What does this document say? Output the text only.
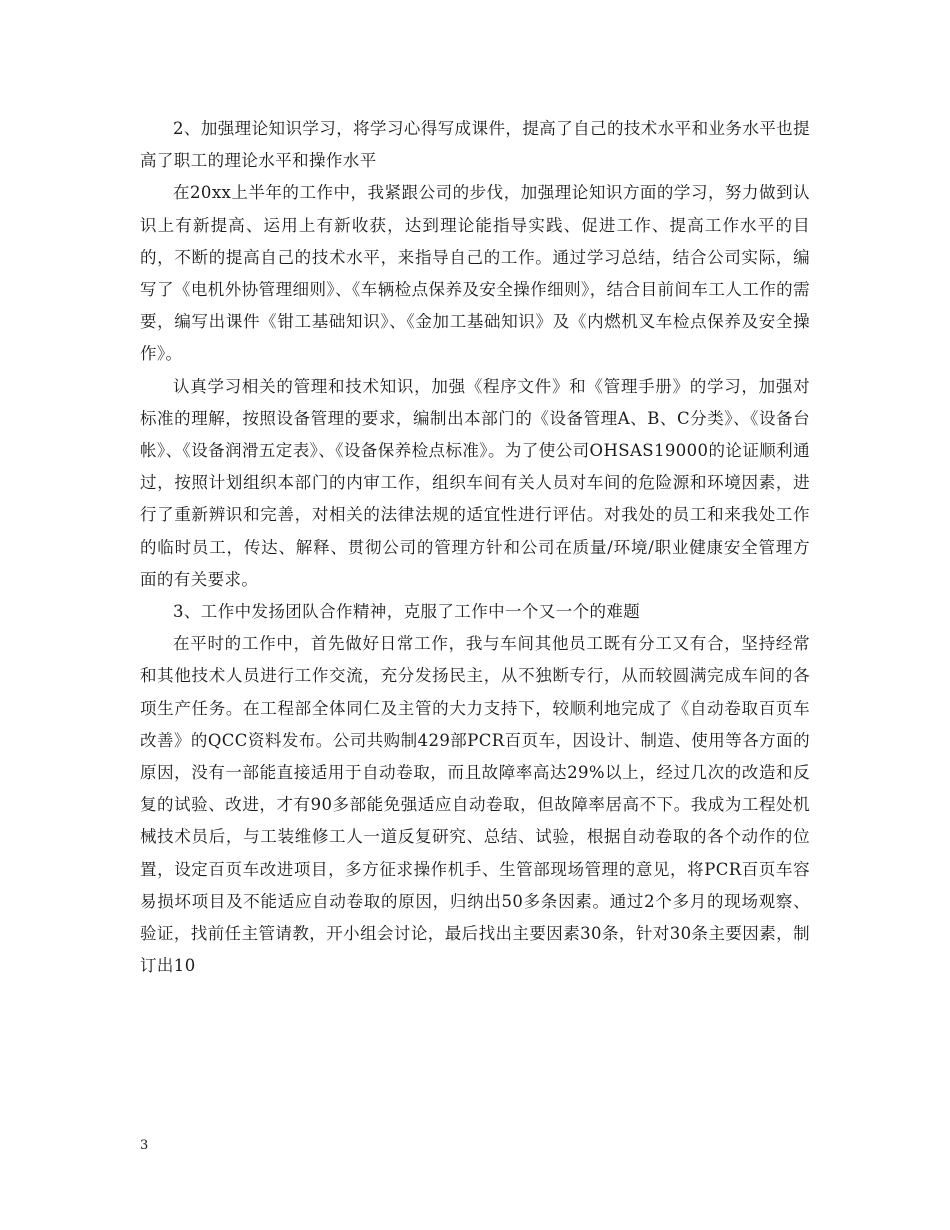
2、加强理论知识学习，将学习心得写成课件，提高了自己的技术水平和业务水平也提高了职工的理论水平和操作水平

在20xx上半年的工作中，我紧跟公司的步伐，加强理论知识方面的学习，努力做到认识上有新提高、运用上有新收获，达到理论能指导实践、促进工作、提高工作水平的目的，不断的提高自己的技术水平，来指导自己的工作。通过学习总结，结合公司实际，编写了《电机外协管理细则》、《车辆检点保养及安全操作细则》，结合目前间车工人工作的需要，编写出课件《钳工基础知识》、《金加工基础知识》及《内燃机叉车检点保养及安全操作》。

认真学习相关的管理和技术知识，加强《程序文件》和《管理手册》的学习，加强对标准的理解，按照设备管理的要求，编制出本部门的《设备管理A、B、C分类》、《设备台帐》、《设备润滑五定表》、《设备保养检点标准》。为了使公司OHSAS19000的论证顺利通过，按照计划组织本部门的内审工作，组织车间有关人员对车间的危险源和环境因素，进行了重新辨识和完善，对相关的法律法规的适宜性进行评估。对我处的员工和来我处工作的临时员工，传达、解释、贯彻公司的管理方针和公司在质量/环境/职业健康安全管理方面的有关要求。

3、工作中发扬团队合作精神，克服了工作中一个又一个的难题

在平时的工作中，首先做好日常工作，我与车间其他员工既有分工又有合，坚持经常和其他技术人员进行工作交流，充分发扬民主，从不独断专行，从而较圆满完成车间的各项生产任务。在工程部全体同仁及主管的大力支持下，较顺利地完成了《自动卷取百页车改善》的QCC资料发布。公司共购制429部PCR百页车，因设计、制造、使用等各方面的原因，没有一部能直接适用于自动卷取，而且故障率高达29%以上，经过几次的改造和反复的试验、改进，才有90多部能免强适应自动卷取，但故障率居高不下。我成为工程处机械技术员后，与工装维修工人一道反复研究、总结、试验，根据自动卷取的各个动作的位置，设定百页车改进项目，多方征求操作机手、生管部现场管理的意见，将PCR百页车容易损坏项目及不能适应自动卷取的原因，归纳出50多条因素。通过2个多月的现场观察、验证，找前任主管请教，开小组会讨论，最后找出主要因素30条，针对30条主要因素，制订出10

3
